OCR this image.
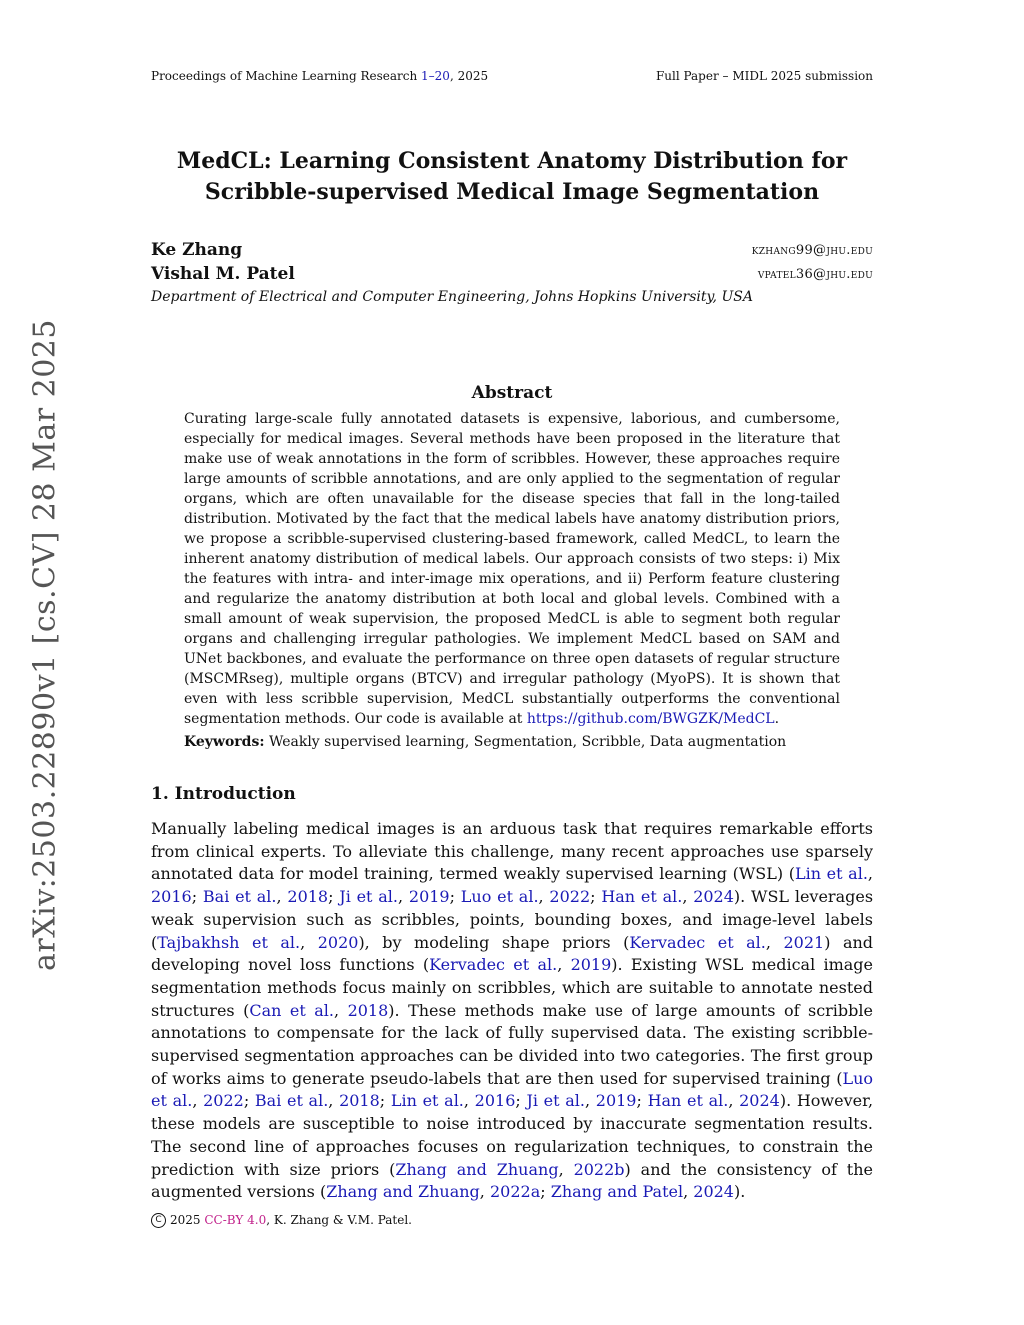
Proceedings of Machine Learning Research 1–20, 2025	Full Paper – MIDL 2025 submission
arXiv:2503.22890v1 [cs.CV] 28 Mar 2025
MedCL: Learning Consistent Anatomy Distribution for
Scribble-supervised Medical Image Segmentation
Ke Zhang	kzhang99@jhu.edu
Vishal M. Patel	vpatel36@jhu.edu
Department of Electrical and Computer Engineering, Johns Hopkins University, USA
Abstract
Curating large-scale fully annotated datasets is expensive, laborious, and cumbersome, especially for medical images. Several methods have been proposed in the literature that make use of weak annotations in the form of scribbles. However, these approaches require large amounts of scribble annotations, and are only applied to the segmentation of regular organs, which are often unavailable for the disease species that fall in the long-tailed distribution. Motivated by the fact that the medical labels have anatomy distribution priors, we propose a scribble-supervised clustering-based framework, called MedCL, to learn the inherent anatomy distribution of medical labels. Our approach consists of two steps: i) Mix the features with intra- and inter-image mix operations, and ii) Perform feature clustering and regularize the anatomy distribution at both local and global levels. Combined with a small amount of weak supervision, the proposed MedCL is able to segment both regular organs and challenging irregular pathologies. We implement MedCL based on SAM and UNet backbones, and evaluate the performance on three open datasets of regular structure (MSCMRseg), multiple organs (BTCV) and irregular pathology (MyoPS). It is shown that even with less scribble supervision, MedCL substantially outperforms the conventional segmentation methods. Our code is available at https://github.com/BWGZK/MedCL.
Keywords: Weakly supervised learning, Segmentation, Scribble, Data augmentation
1. Introduction
Manually labeling medical images is an arduous task that requires remarkable efforts from clinical experts. To alleviate this challenge, many recent approaches use sparsely annotated data for model training, termed weakly supervised learning (WSL) (Lin et al., 2016; Bai et al., 2018; Ji et al., 2019; Luo et al., 2022; Han et al., 2024). WSL leverages weak supervision such as scribbles, points, bounding boxes, and image-level labels (Tajbakhsh et al., 2020), by modeling shape priors (Kervadec et al., 2021) and developing novel loss functions (Kervadec et al., 2019). Existing WSL medical image segmentation methods focus mainly on scribbles, which are suitable to annotate nested structures (Can et al., 2018). These methods make use of large amounts of scribble annotations to compensate for the lack of fully supervised data. The existing scribble-supervised segmentation approaches can be divided into two categories. The first group of works aims to generate pseudo-labels that are then used for supervised training (Luo et al., 2022; Bai et al., 2018; Lin et al., 2016; Ji et al., 2019; Han et al., 2024). However, these models are susceptible to noise introduced by inaccurate segmentation results. The second line of approaches focuses on regularization techniques, to constrain the prediction with size priors (Zhang and Zhuang, 2022b) and the consistency of the augmented versions (Zhang and Zhuang, 2022a; Zhang and Patel, 2024).
C 2025 CC-BY 4.0, K. Zhang & V.M. Patel.
